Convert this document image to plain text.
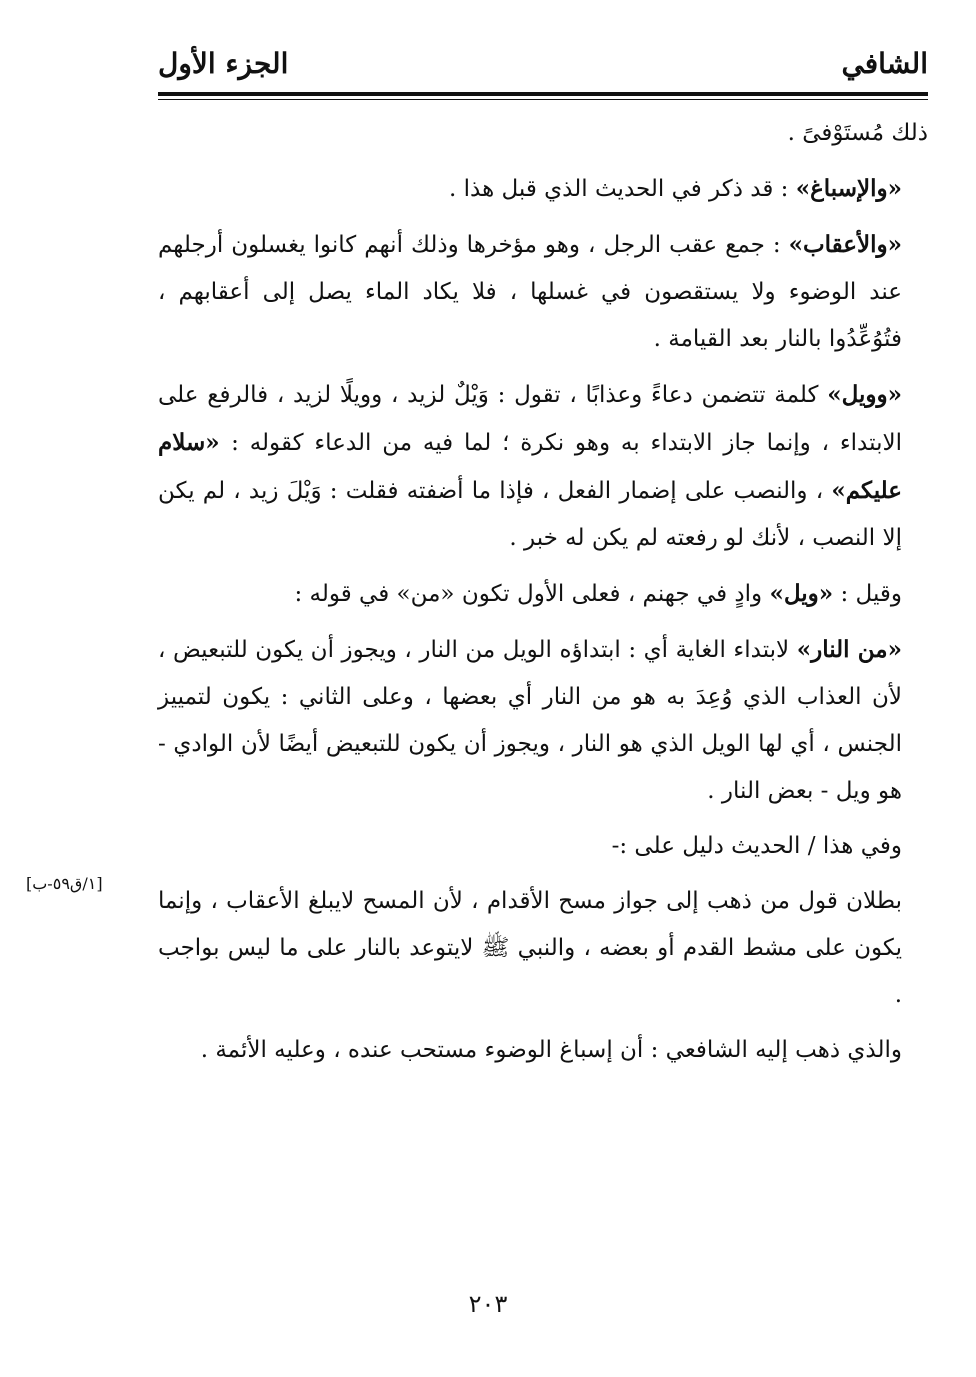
الشافي
الجزء الأول

ذلك مُستَوْفىً .

«والإسباغ» : قد ذكر في الحديث الذي قبل هذا .

«والأعقاب» : جمع عقب الرجل ، وهو مؤخرها وذلك أنهم كانوا يغسلون أرجلهم عند الوضوء ولا يستقصون في غسلها ، فلا يكاد الماء يصل إلى أعقابهم ، فتُوُعِّدُوا بالنار بعد القيامة .

«وويل» كلمة تتضمن دعاءً وعذابًا ، تقول : وَيْلٌ لزيد ، وويلًا لزيد ، فالرفع على الابتداء ، وإنما جاز الابتداء به وهو نكرة ؛ لما فيه من الدعاء كقوله : «سلام عليكم» ، والنصب على إضمار الفعل ، فإذا ما أضفته فقلت : وَيْلَ زيد ، لم يكن إلا النصب ، لأنك لو رفعته لم يكن له خبر .

وقيل : «ويل» وادٍ في جهنم ، فعلى الأول تكون «من» في قوله :

«من النار» لابتداء الغاية أي : ابتداؤه الويل من النار ، ويجوز أن يكون للتبعيض ، لأن العذاب الذي وُعِدَ به هو من النار أي بعضها ، وعلى الثاني : يكون لتمييز الجنس ، أي لها الويل الذي هو النار ، ويجوز أن يكون للتبعيض أيضًا لأن الوادي - هو ويل - بعض النار .

وفي هذا / الحديث دليل على :-

بطلان قول من ذهب إلى جواز مسح الأقدام ، لأن المسح لايبلغ الأعقاب ، وإنما يكون على مشط القدم أو بعضه ، والنبي ﷺ لايتوعد بالنار على ما ليس بواجب .

والذي ذهب إليه الشافعي : أن إسباغ الوضوء مستحب عنده ، وعليه الأئمة .

[١/ق٥٩-ب]
٢٠٣
